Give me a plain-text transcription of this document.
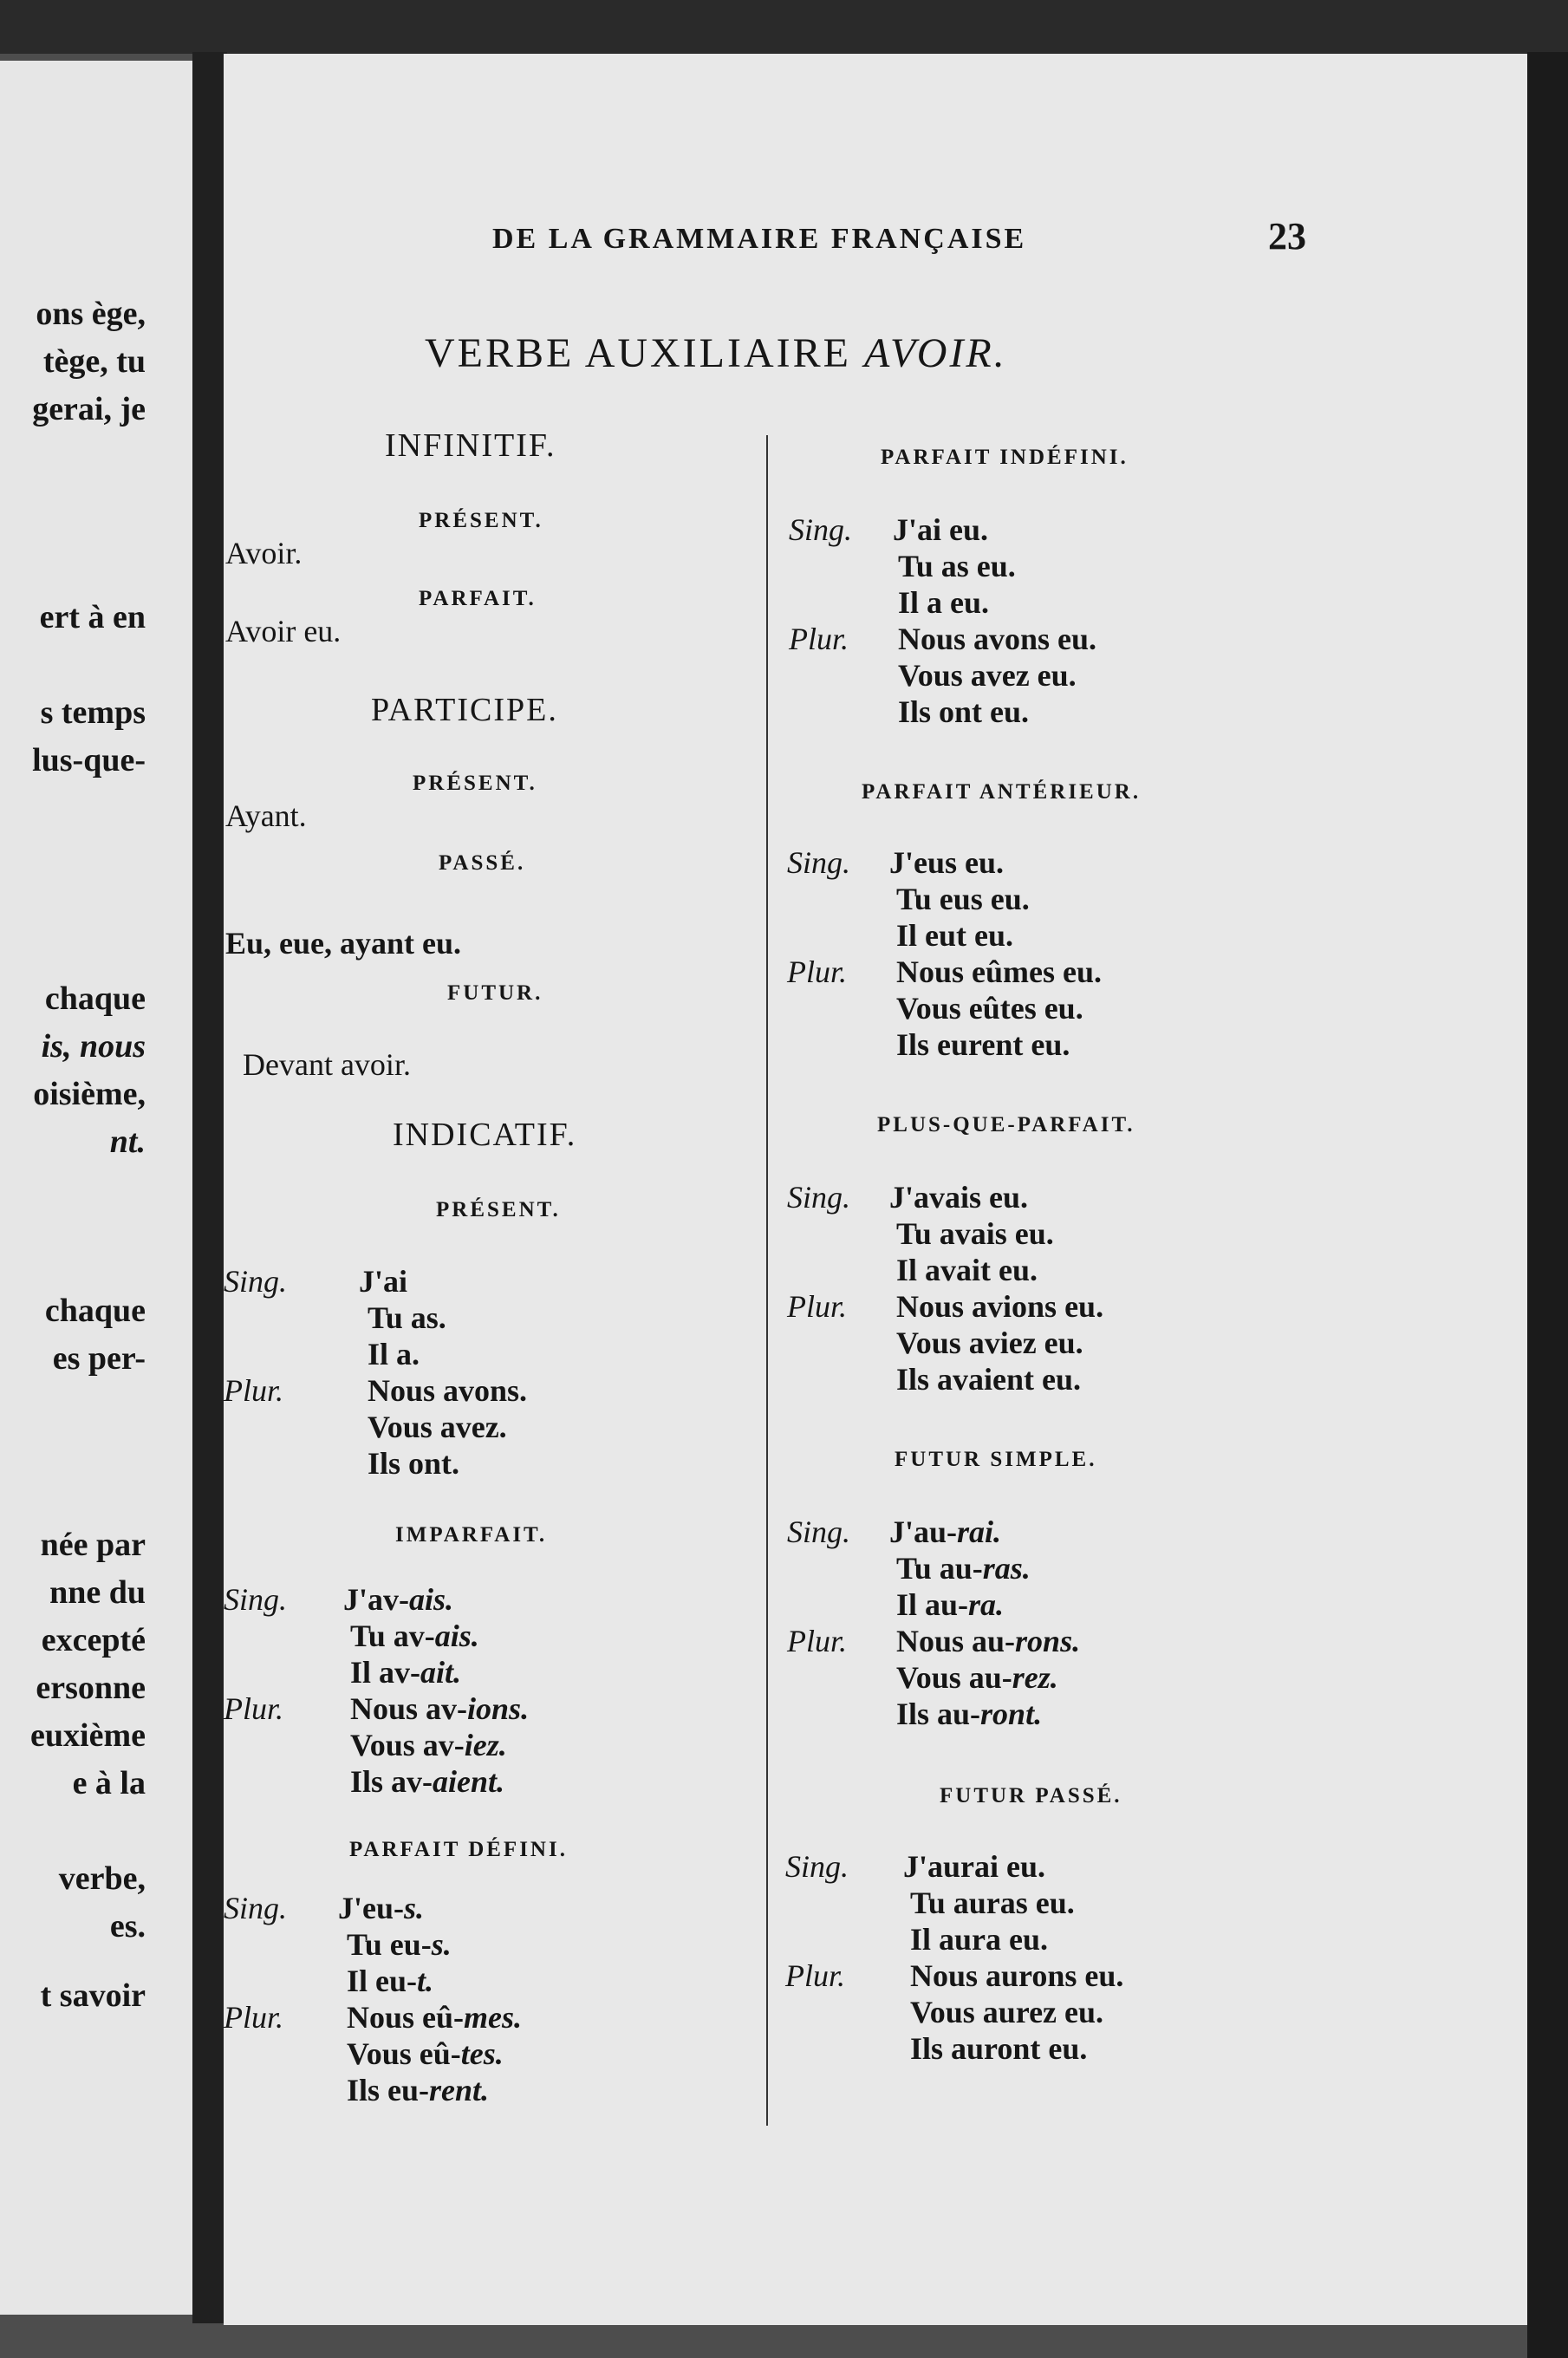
ons ège,
tège, tu
gerai, je
ert à en
s temps
lus-que-
chaque
is, nous
oisième,
nt.
chaque
es per-
née par
nne du
excepté
ersonne
euxième
e à la
verbe,
es.
t savoir
DE LA GRAMMAIRE FRANÇAISE	23
VERBE AUXILIAIRE AVOIR.
INFINITIF.
PRÉSENT.
Avoir.
PARFAIT.
Avoir eu.
PARTICIPE.
PRÉSENT.
Ayant.
PASSÉ.
Eu, eue, ayant eu.
FUTUR.
Devant avoir.
INDICATIF.
PRÉSENT.
Sing. J'ai
Tu as.
Il a.
Plur.	Nous avons.
Vous avez.
Ils ont.
IMPARFAIT.
Sing. J'av-ais.
Tu av-ais.
Il av-ait.
Plur. Nous av-ions.
Vous av-iez.
Ils av-aient.
PARFAIT DÉFINI.
Sing. J'eu-s.
Tu eu-s.
Il eu-t.
Plur. Nous eû-mes.
Vous eû-tes.
Ils eu-rent.
PARFAIT INDÉFINI.
Sing. J'ai eu.
Tu as eu.
Il a eu.
Plur. Nous avons eu.
Vous avez eu.
Ils ont eu.
PARFAIT ANTÉRIEUR.
Sing. J'eus eu.
Tu eus eu.
Il eut eu.
Plur. Nous eûmes eu.
Vous eûtes eu.
Ils eurent eu.
PLUS-QUE-PARFAIT.
Sing. J'avais eu.
Tu avais eu.
Il avait eu.
Plur. Nous avions eu.
Vous aviez eu.
Ils avaient eu.
FUTUR SIMPLE.
Sing. J'au-rai.
Tu au-ras.
Il au-ra.
Plur. Nous au-rons.
Vous au-rez.
Ils au-ront.
FUTUR PASSÉ.
Sing. J'aurai eu.
Tu auras eu.
Il aura eu.
Plur. Nous aurons eu.
Vous aurez eu.
Ils auront eu.
